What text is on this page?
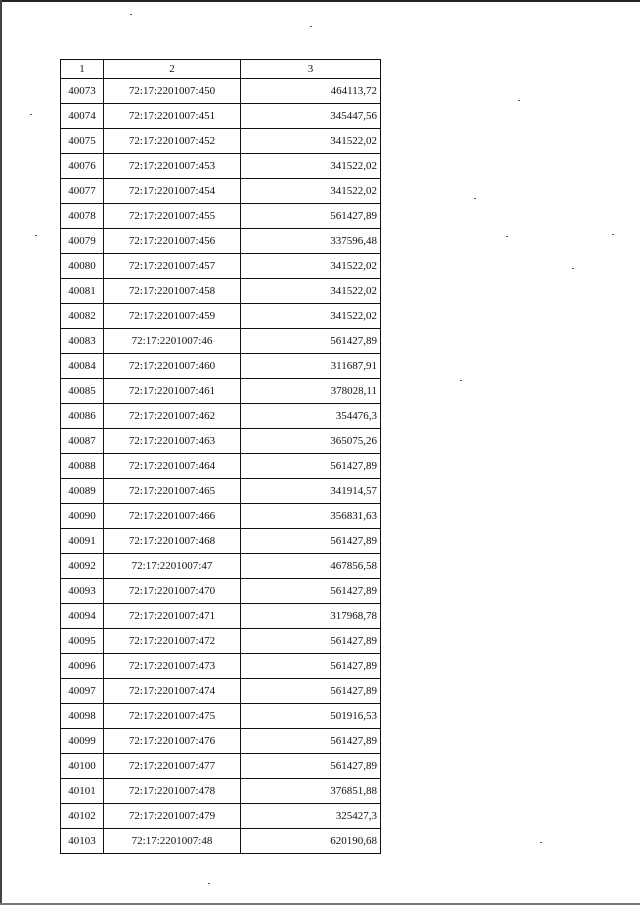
1	2	3
40073	72:17:2201007:450	464113,72
40074	72:17:2201007:451	345447,56
40075	72:17:2201007:452	341522,02
40076	72:17:2201007:453	341522,02
40077	72:17:2201007:454	341522,02
40078	72:17:2201007:455	561427,89
40079	72:17:2201007:456	337596,48
40080	72:17:2201007:457	341522,02
40081	72:17:2201007:458	341522,02
40082	72:17:2201007:459	341522,02
40083	72:17:2201007:46	561427,89
40084	72:17:2201007:460	311687,91
40085	72:17:2201007:461	378028,11
40086	72:17:2201007:462	354476,3
40087	72:17:2201007:463	365075,26
40088	72:17:2201007:464	561427,89
40089	72:17:2201007:465	341914,57
40090	72:17:2201007:466	356831,63
40091	72:17:2201007:468	561427,89
40092	72:17:2201007:47	467856,58
40093	72:17:2201007:470	561427,89
40094	72:17:2201007:471	317968,78
40095	72:17:2201007:472	561427,89
40096	72:17:2201007:473	561427,89
40097	72:17:2201007:474	561427,89
40098	72:17:2201007:475	501916,53
40099	72:17:2201007:476	561427,89
40100	72:17:2201007:477	561427,89
40101	72:17:2201007:478	376851,88
40102	72:17:2201007:479	325427,3
40103	72:17:2201007:48	620190,68
